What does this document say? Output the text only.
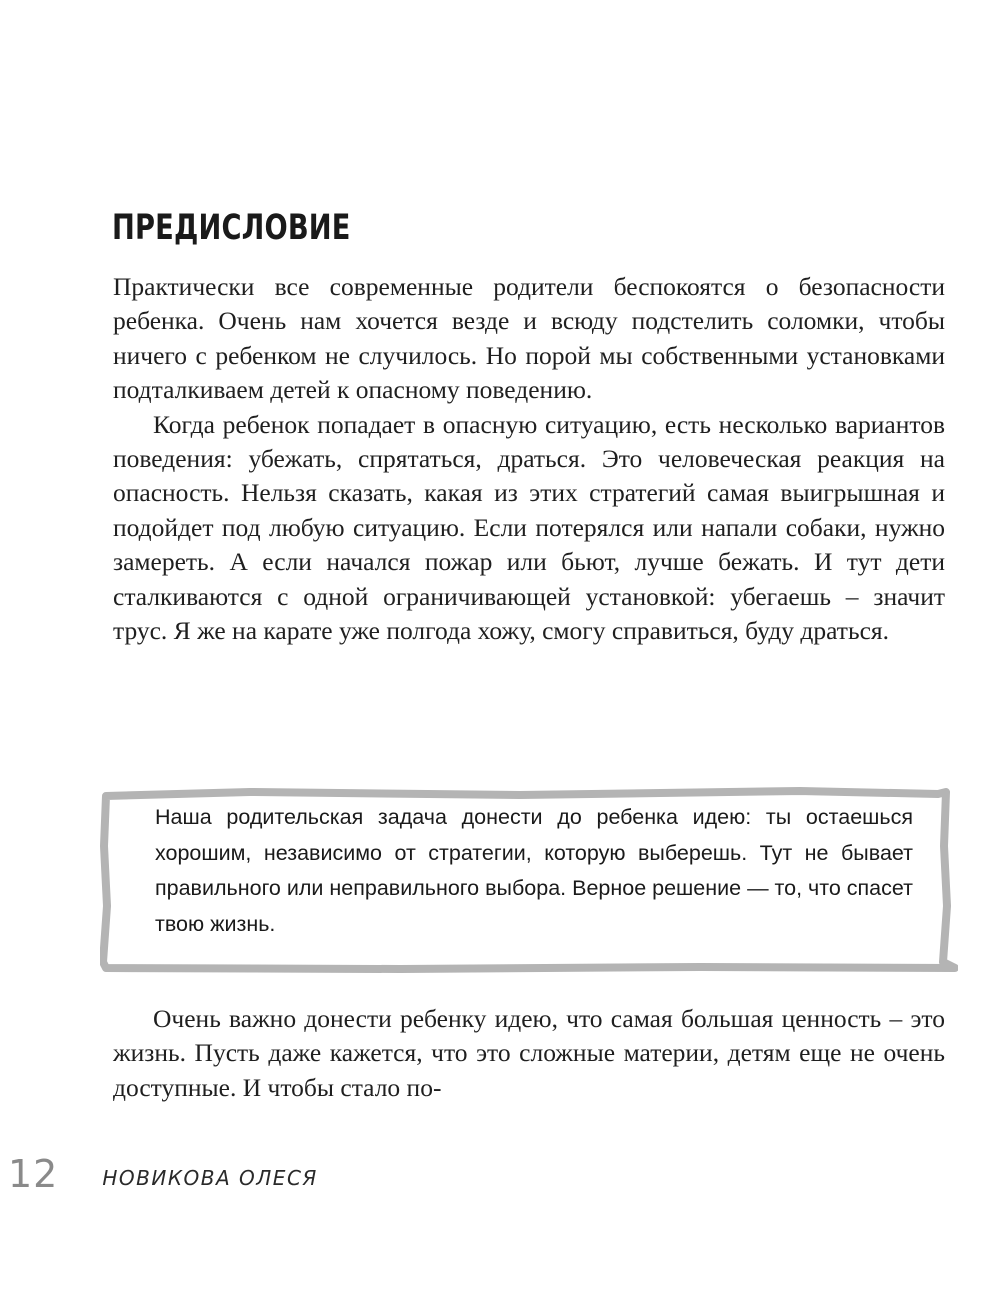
ПРЕДИСЛОВИЕ

Практически все современные родители беспокоятся о безопасности ребенка. Очень нам хочется везде и всюду подстелить соломки, чтобы ничего с ребенком не случилось. Но порой мы собственными установками подталкиваем детей к опасному поведению.

Когда ребенок попадает в опасную ситуацию, есть несколько вариантов поведения: убежать, спрятаться, драться. Это человеческая реакция на опасность. Нельзя сказать, какая из этих стратегий самая выигрышная и подойдет под любую ситуацию. Если потерялся или напали собаки, нужно замереть. А если начался пожар или бьют, лучше бежать. И тут дети сталкиваются с одной ограничивающей установкой: убегаешь – значит трус. Я же на карате уже полгода хожу, смогу справиться, буду драться.

Наша родительская задача донести до ребенка идею: ты остаешься хорошим, независимо от стратегии, которую выберешь. Тут не бывает правильного или неправильного выбора. Верное решение — то, что спасет твою жизнь.

Очень важно донести ребенку идею, что самая большая ценность – это жизнь. Пусть даже кажется, что это сложные материи, детям еще не очень доступные. И чтобы стало по-

12 НОВИКОВА ОЛЕСЯ
